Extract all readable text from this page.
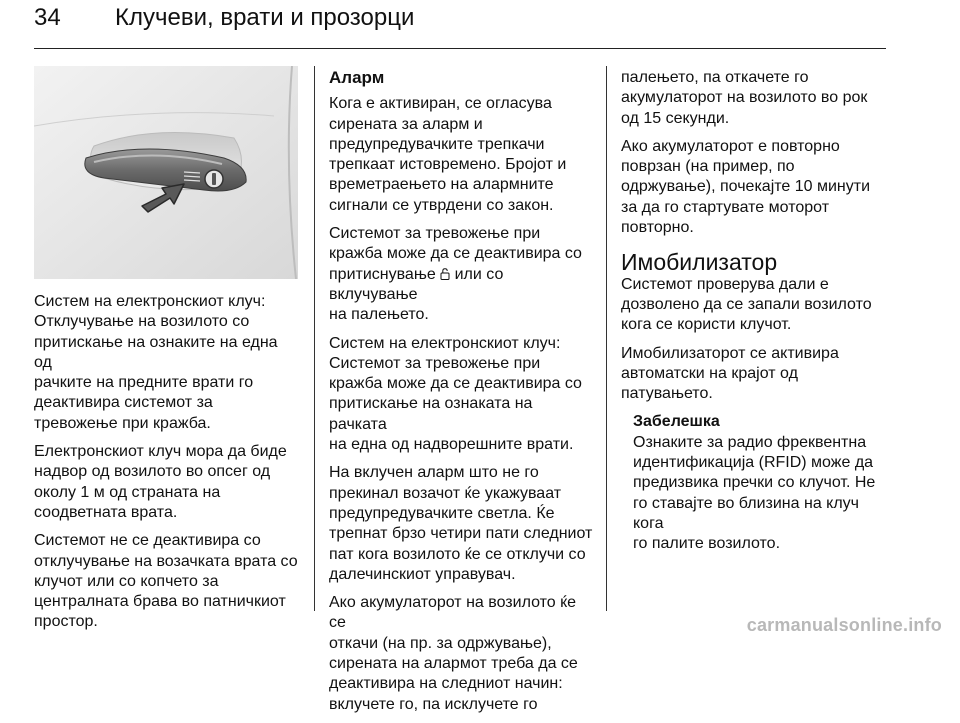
34 Клучеви, врати и прозорци

Систем на електронскиот клуч:
Отклучување на возилото со
притискање на ознаките на една од
рачките на предните врати го
деактивира системот за
тревожење при кражба.

Електронскиот клуч мора да биде
надвор од возилото во опсег од
околу 1 м од страната на
соодветната врата.

Системот не се деактивира со
отклучување на возачката врата со
клучот или со копчето за
централната брава во патничкиот
простор.

Аларм

Кога е активиран, се огласува
сирената за аларм и
предупредувачките трепкачи
трепкаат истовремено. Бројот и
времетраењето на алармните
сигнали се утврдени со закон.

Системот за тревожење при
кражба може да се деактивира со
притиснување  или со вклучување
на палењето.

Систем на електронскиот клуч:
Системот за тревожење при
кражба може да се деактивира со
притискање на ознаката на рачката
на една од надворешните врати.

На вклучен аларм што не го
прекинал возачот ќе укажуваат
предупредувачките светла. Ќе
трепнат брзо четири пати следниот
пат кога возилото ќе се отклучи со
далечинскиот управувач.

Ако акумулаторот на возилото ќе се
откачи (на пр. за одржување),
сирената на алармот треба да се
деактивира на следниот начин:
вклучете го, па исклучете го

палењето, па откачете го
акумулаторот на возилото во рок
од 15 секунди.

Ако акумулаторот е повторно
поврзан (на пример, по
одржување), почекајте 10 минути
за да го стартувате моторот
повторно.

Имобилизатор

Системот проверува дали е
дозволено да се запали возилото
кога се користи клучот.

Имобилизаторот се активира
автоматски на крајот од
патувањето.

Забелешка

Ознаките за радио фреквентна
идентификација (RFID) може да
предизвика пречки со клучот. Не
го ставајте во близина на клуч кога
го палите возилото.

carmanualsonline.info
